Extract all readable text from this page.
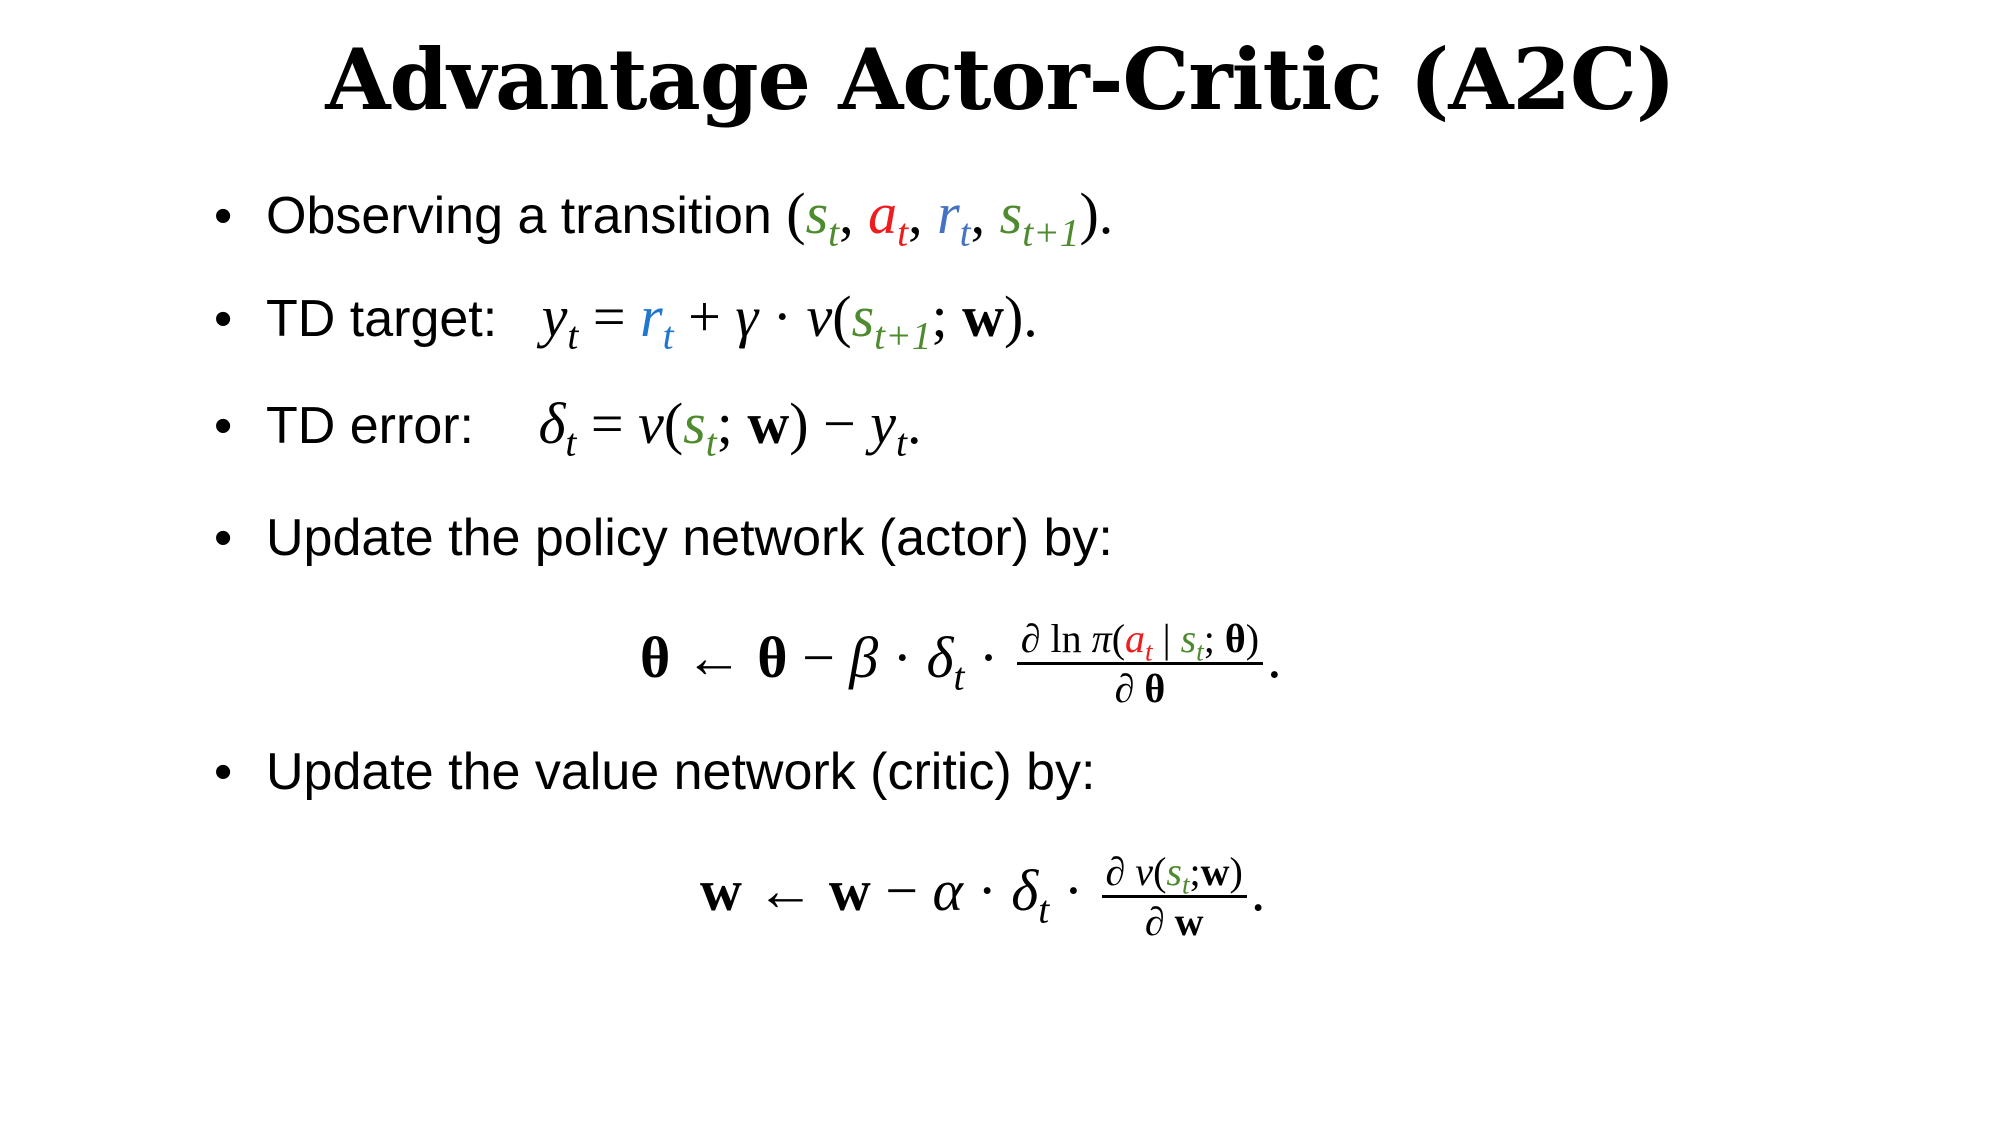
Advantage Actor-Critic (A2C)
• Observing a transition ($s_t$, $a_t$, $r_t$, $s_{t+1}$).
• TD target: $y_t = r_t + \gamma \cdot v(s_{t+1}$; w).
• TD error: $\delta_t = v(s_t$; $w) - y_t$.
• Update the policy network (actor) by:
θ ← $\theta - \beta \cdot \delta_t \cdot \frac{\partial \ln \pi(a_t | s_t; \theta)}{\partial \theta}$ .
• Update the value network (critic) by:
w ← $w - \alpha \cdot \delta_t \cdot \frac{\partial v(s_t;w)}{\partial w}$ .
